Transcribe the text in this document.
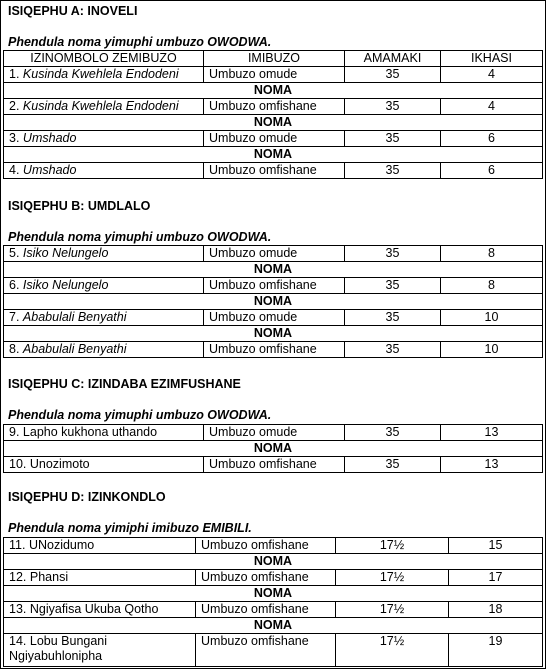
ISIQEPHU A: INOVELI
Phendula noma yimuphi umbuzo OWODWA.
IZINOMBOLO ZEMIBUZO	IMIBUZO	AMAMAKI	IKHASI
1. Kusinda Kwehlela Endodeni	Umbuzo omude	35	4
NOMA			
2. Kusinda Kwehlela Endodeni	Umbuzo omfishane	35	4
NOMA			
3. Umshado	Umbuzo omude	35	6
NOMA			
4. Umshado	Umbuzo omfishane	35	6
ISIQEPHU B: UMDLALO
Phendula noma yimuphi umbuzo OWODWA.
5. Isiko Nelungelo	Umbuzo omude	35	8
NOMA			
6. Isiko Nelungelo	Umbuzo omfishane	35	8
NOMA			
7. Ababulali Benyathi	Umbuzo omude	35	10
NOMA			
8. Ababulali Benyathi	Umbuzo omfishane	35	10
ISIQEPHU C: IZINDABA EZIMFUSHANE
Phendula noma yimuphi umbuzo OWODWA.
9. Lapho kukhona uthando	Umbuzo omude	35	13
NOMA			
10. Unozimoto	Umbuzo omfishane	35	13
ISIQEPHU D: IZINKONDLO
Phendula noma yimiphi imibuzo EMIBILI.
11. UNozidumo	Umbuzo omfishane	17½	15
NOMA			
12. Phansi	Umbuzo omfishane	17½	17
NOMA			
13. Ngiyafisa Ukuba Qotho	Umbuzo omfishane	17½	18
NOMA			
14. Lobu Bungani Ngiyabuhlonipha	Umbuzo omfishane	17½	19
